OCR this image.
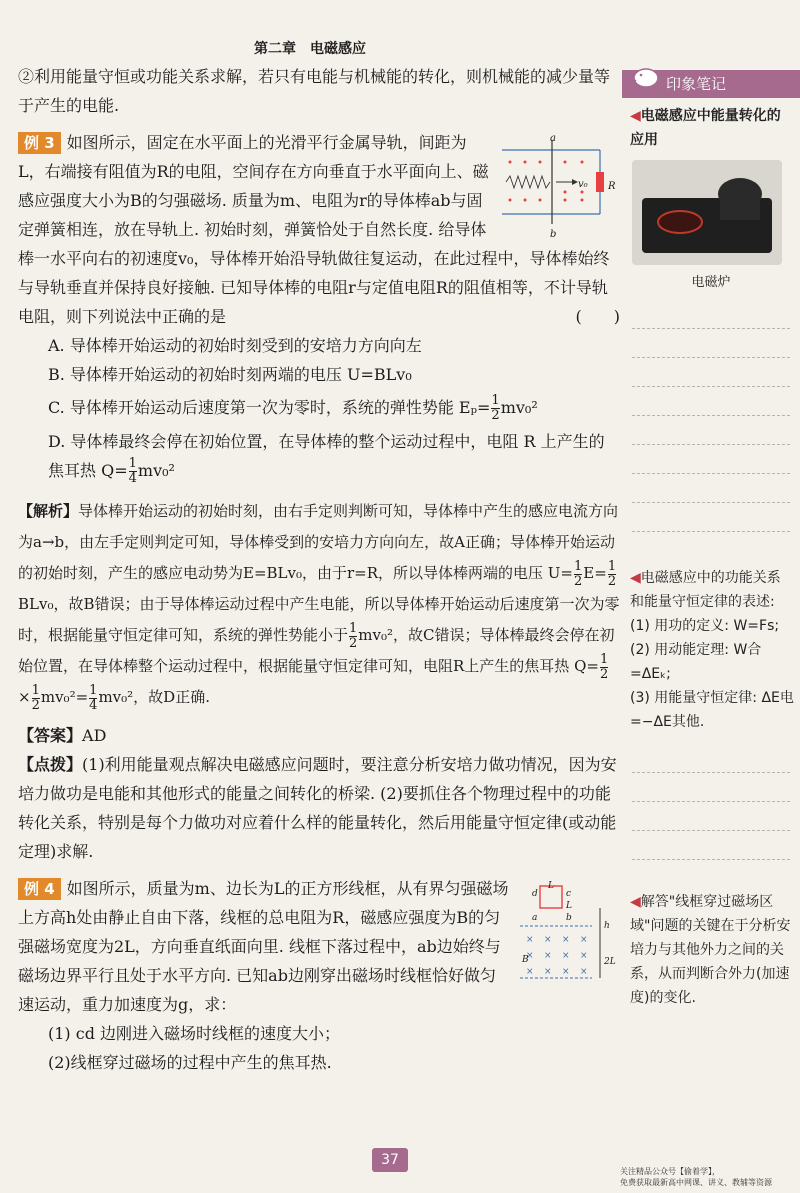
第二章　电磁感应

②利用能量守恒或功能关系求解，若只有电能与机械能的转化，则机械能的减少量等于产生的电能.

a
b
v₀ R

例 3 如图所示，固定在水平面上的光滑平行金属导轨，间距为L，右端接有阻值为R的电阻，空间存在方向垂直于水平面向上、磁感应强度大小为B的匀强磁场. 质量为m、电阻为r的导体棒ab与固定弹簧相连，放在导轨上. 初始时刻，弹簧恰处于自然长度. 给导体棒一水平向右的初速度v₀，导体棒开始沿导轨做往复运动，在此过程中，导体棒始终与导轨垂直并保持良好接触. 已知导体棒的电阻r与定值电阻R的阻值相等，不计导轨电阻，则下列说法中正确的是	(　　)

A. 导体棒开始运动的初始时刻受到的安培力方向向左

B. 导体棒开始运动的初始时刻两端的电压 U=BLv₀

C. 导体棒开始运动后速度第一次为零时，系统的弹性势能 $E_p= \frac{1}{2} mv_0^2$

D. 导体棒最终会停在初始位置，在导体棒的整个运动过程中，电阻 R 上产生的焦耳热 $Q= \frac{1}{4} mv_0^2$

【解析】导体棒开始运动的初始时刻，由右手定则判断可知，导体棒中产生的感应电流方向为a→b，由左手定则判定可知，导体棒受到的安培力方向向左，故A正确；导体棒开始运动的初始时刻，产生的感应电动势为E=BLv₀，由于r=R，所以导体棒两端的电压 $U= \frac{1}{2} E= \frac{1}{2}$
BLv₀，故B错误；由于导体棒运动过程中产生电能，所以导体棒开始运动后速度第一次为零时，根据能量守恒定律可知，系统的弹性势能小于 $\frac{1}{2} mv_0^2$，故C错误；导体棒最终会停在初始位置，在导体棒整个运动过程中，根据能量守恒定律可知，电阻R上产生的焦耳热 $Q= \frac{1}{2}$
× $\frac{1}{2} mv_0^2= \frac{1}{4} mv_0^2$，故D正确.

【答案】AD

【点拨】(1)利用能量观点解决电磁感应问题时，要注意分析安培力做功情况，因为安培力做功是电能和其他形式的能量之间转化的桥梁. (2)要抓住各个物理过程中的功能转化关系，特别是每个力做功对应着什么样的能量转化，然后用能量守恒定律(或动能定理)求解.

× × × ×
× × × ×
× × × ×
d	c
a	b
L
L
h
B	2L

例 4 如图所示，质量为m、边长为L的正方形线框，从有界匀强磁场上方高h处由静止自由下落，线框的总电阻为R，磁感应强度为B的匀强磁场宽度为2L，方向垂直纸面向里. 线框下落过程中，ab边始终与磁场边界平行且处于水平方向. 已知ab边刚穿出磁场时线框恰好做匀速运动，重力加速度为g，求：

(1) cd 边刚进入磁场时线框的速度大小；

(2)线框穿过磁场的过程中产生的焦耳热.

印象笔记
◀电磁感应中能量转化的应用
电磁炉
◀电磁感应中的功能关系和能量守恒定律的表述:
(1) 用功的定义: W=Fs;
(2) 用动能定理: W合=ΔEₖ;
(3) 用能量守恒定律: ΔE电=−ΔE其他.
◀解答"线框穿过磁场区域"问题的关键在于分析安培力与其他外力之间的关系，从而判断合外力(加速度)的变化.
37
关注精品公众号【偷着学】，
免费获取最新高中网课、讲义、教辅等资源
